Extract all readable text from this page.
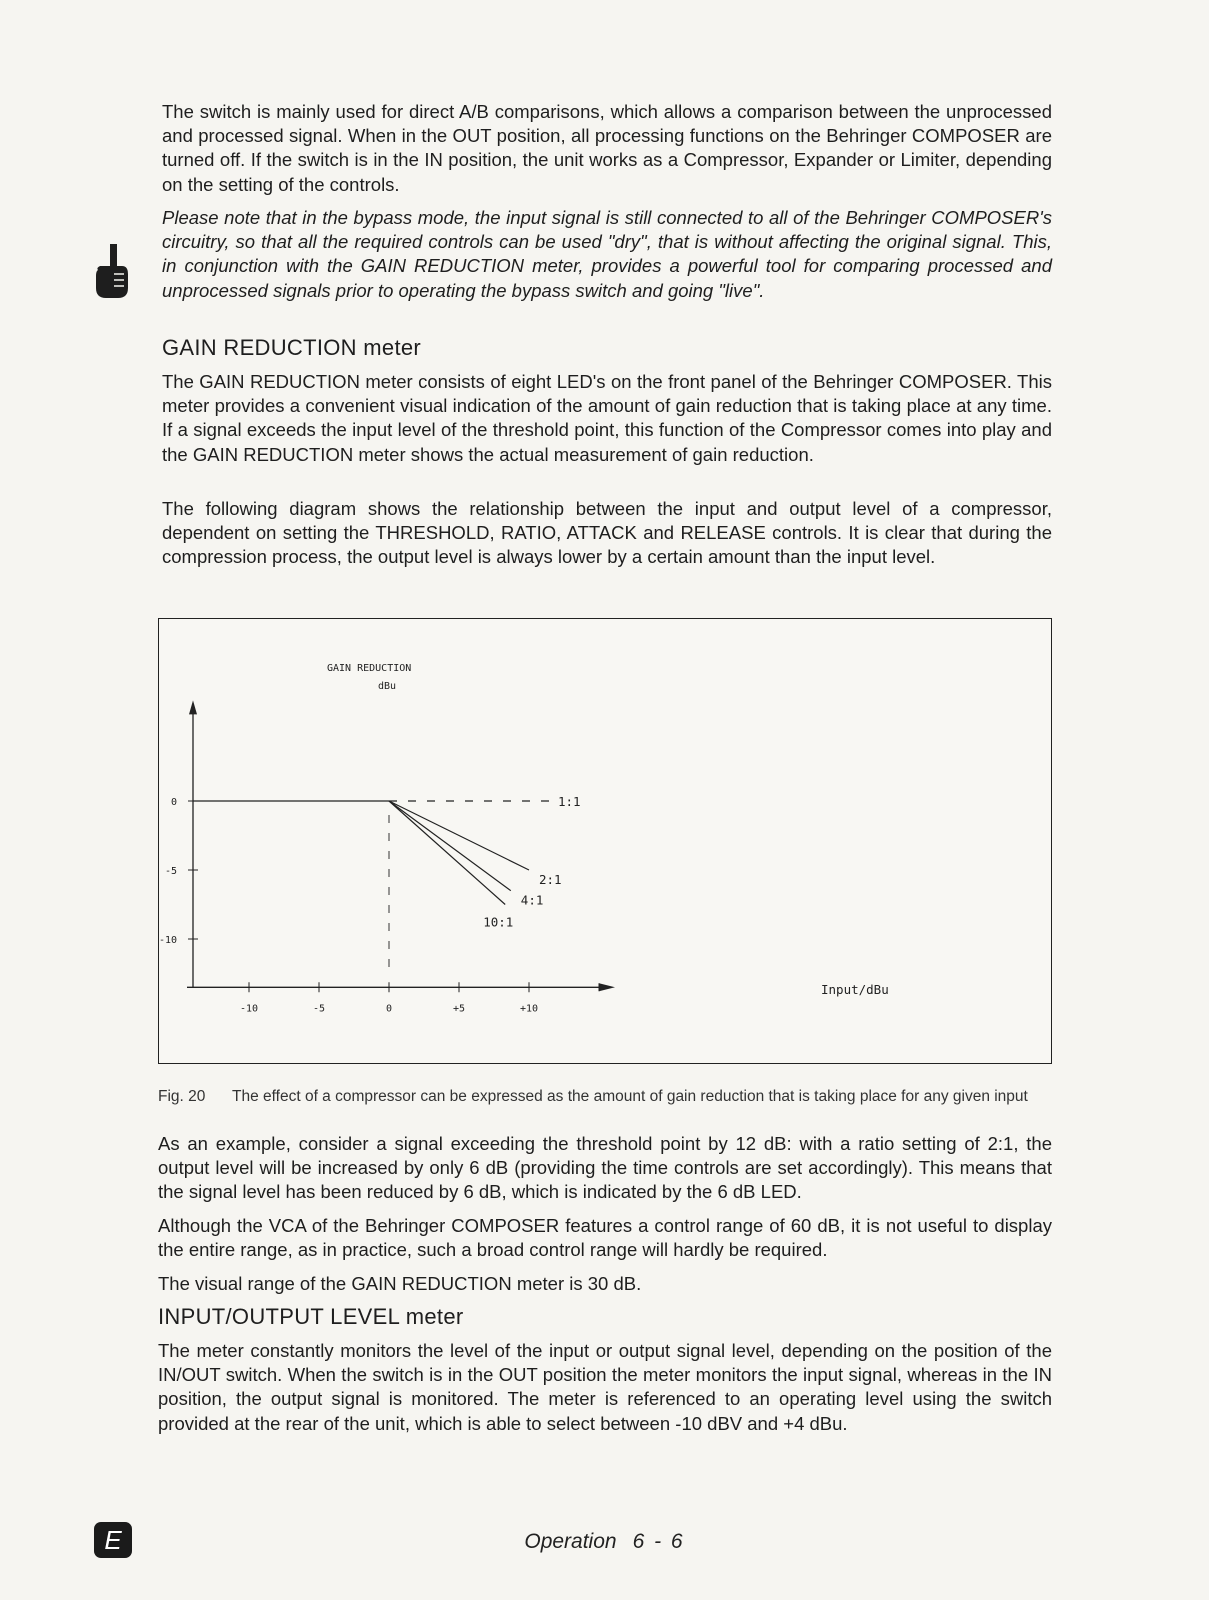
The switch is mainly used for direct A/B comparisons, which allows a comparison between the unprocessed and processed signal. When in the OUT position, all processing functions on the Behringer COMPOSER are turned off. If the switch is in the IN position, the unit works as a Compressor, Expander or Limiter, depending on the setting of the controls.

Please note that in the bypass mode, the input signal is still connected to all of the Behringer COMPOSER's circuitry, so that all the required controls can be used "dry", that is without affecting the original signal. This, in conjunction with the GAIN REDUCTION meter, provides a powerful tool for comparing processed and unprocessed signals prior to operating the bypass switch and going "live".

GAIN REDUCTION meter

The GAIN REDUCTION meter consists of eight LED's on the front panel of the Behringer COMPOSER. This meter provides a convenient visual indication of the amount of gain reduction that is taking place at any time. If a signal exceeds the input level of the threshold point, this function of the Compressor comes into play and the GAIN REDUCTION meter shows the actual measurement of gain reduction.

The following diagram shows the relationship between the input and output level of a compressor, dependent on setting the THRESHOLD, RATIO, ATTACK and RELEASE controls. It is clear that during the compression process, the output level is always lower by a certain amount than the input level.

GAIN REDUCTION
dBu
Input/dBu
-10	-5	0	+5	+10
0
-5
-10
1:1
2:1
4:1
10:1
Fig. 20 The effect of a compressor can be expressed as the amount of gain reduction that is taking place for any given input

As an example, consider a signal exceeding the threshold point by 12 dB: with a ratio setting of 2:1, the output level will be increased by only 6 dB (providing the time controls are set accordingly). This means that the signal level has been reduced by 6 dB, which is indicated by the 6 dB LED.

Although the VCA of the Behringer COMPOSER features a control range of 60 dB, it is not useful to display the entire range, as in practice, such a broad control range will hardly be required.

The visual range of the GAIN REDUCTION meter is 30 dB.

INPUT/OUTPUT LEVEL meter

The meter constantly monitors the level of the input or output signal level, depending on the position of the IN/OUT switch. When the switch is in the OUT position the meter monitors the input signal, whereas in the IN position, the output signal is monitored. The meter is referenced to an operating level using the switch provided at the rear of the unit, which is able to select between -10 dBV and +4 dBu.

E	Operation 6 - 6
